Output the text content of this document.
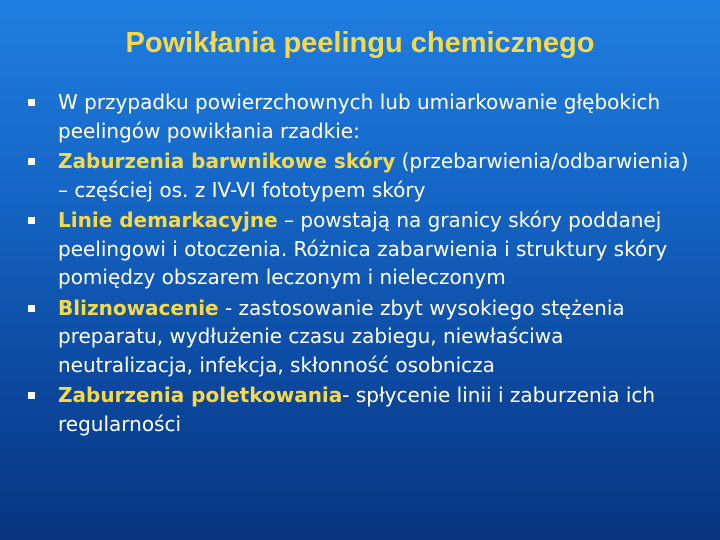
Powikłania peelingu chemicznego
W przypadku powierzchownych lub umiarkowanie głębokich peelingów powikłania rzadkie:
Zaburzenia barwnikowe skóry (przebarwienia/odbarwienia) – częściej os. z IV-VI fototypem skóry
Linie demarkacyjne – powstają na granicy skóry poddanej peelingowi i otoczenia. Różnica zabarwienia i struktury skóry pomiędzy obszarem leczonym i nieleczonym
Bliznowacenie - zastosowanie zbyt wysokiego stężenia preparatu, wydłużenie czasu zabiegu, niewłaściwa neutralizacja, infekcja, skłonność osobnicza
Zaburzenia poletkowania- spłycenie linii i zaburzenia ich regularności
